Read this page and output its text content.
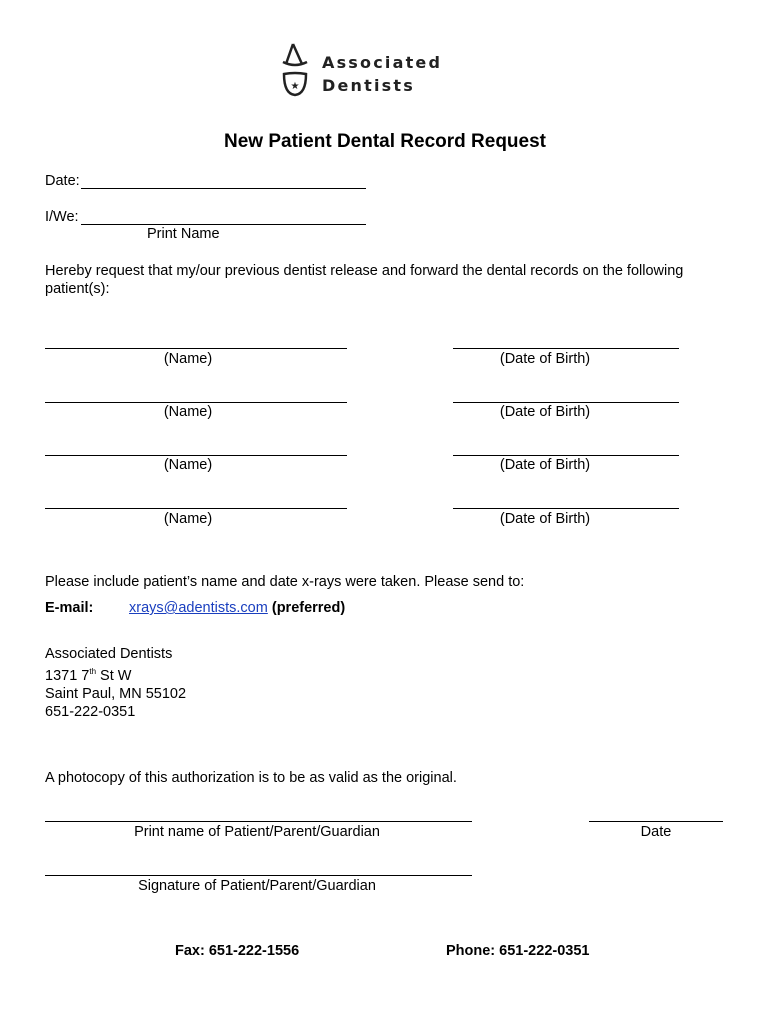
★
Associated
Dentists
New Patient Dental Record Request
Date:
I/We:
Print Name
Hereby request that my/our previous dentist release and forward the dental records on the following patient(s):
(Name)	(Date of Birth)
(Name)	(Date of Birth)
(Name)	(Date of Birth)
(Name)	(Date of Birth)
Please include patient’s name and date x-rays were taken. Please send to:
E-mail: xrays@adentists.com (preferred)
Associated Dentists
1371 7th St W
Saint Paul, MN 55102
651-222-0351
A photocopy of this authorization is to be as valid as the original.
Print name of Patient/Parent/Guardian	Date
Signature of Patient/Parent/Guardian
Fax: 651-222-1556	Phone: 651-222-0351
